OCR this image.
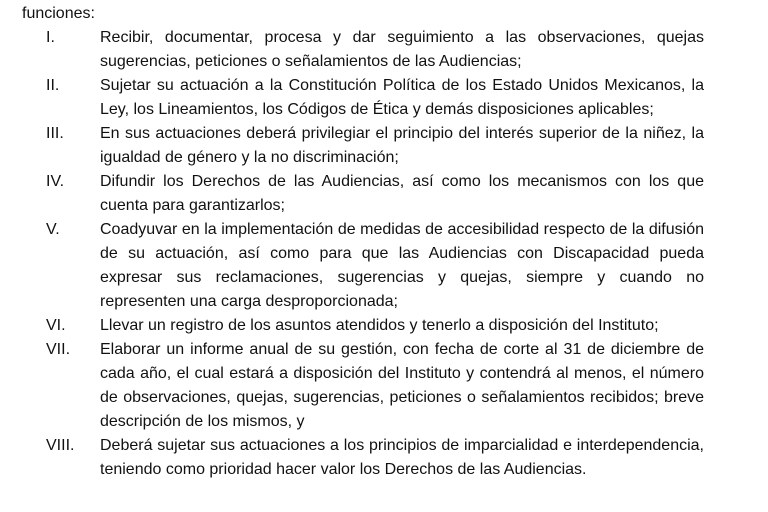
funciones:

I.	Recibir, documentar, procesa y dar seguimiento a las observaciones, quejas sugerencias, peticiones o señalamientos de las Audiencias;
II.	Sujetar su actuación a la Constitución Política de los Estado Unidos Mexicanos, la Ley, los Lineamientos, los Códigos de Ética y demás disposiciones aplicables;
III.	En sus actuaciones deberá privilegiar el principio del interés superior de la niñez, la igualdad de género y la no discriminación;
IV.	Difundir los Derechos de las Audiencias, así como los mecanismos con los que cuenta para garantizarlos;
V.	Coadyuvar en la implementación de medidas de accesibilidad respecto de la difusión de su actuación, así como para que las Audiencias con Discapacidad pueda expresar sus reclamaciones, sugerencias y quejas, siempre y cuando no representen una carga desproporcionada;
VI.	Llevar un registro de los asuntos atendidos y tenerlo a disposición del Instituto;
VII.	Elaborar un informe anual de su gestión, con fecha de corte al 31 de diciembre de cada año, el cual estará a disposición del Instituto y contendrá al menos, el número de observaciones, quejas, sugerencias, peticiones o señalamientos recibidos; breve descripción de los mismos, y
VIII.	Deberá sujetar sus actuaciones a los principios de imparcialidad e interdependencia, teniendo como prioridad hacer valor los Derechos de las Audiencias.
